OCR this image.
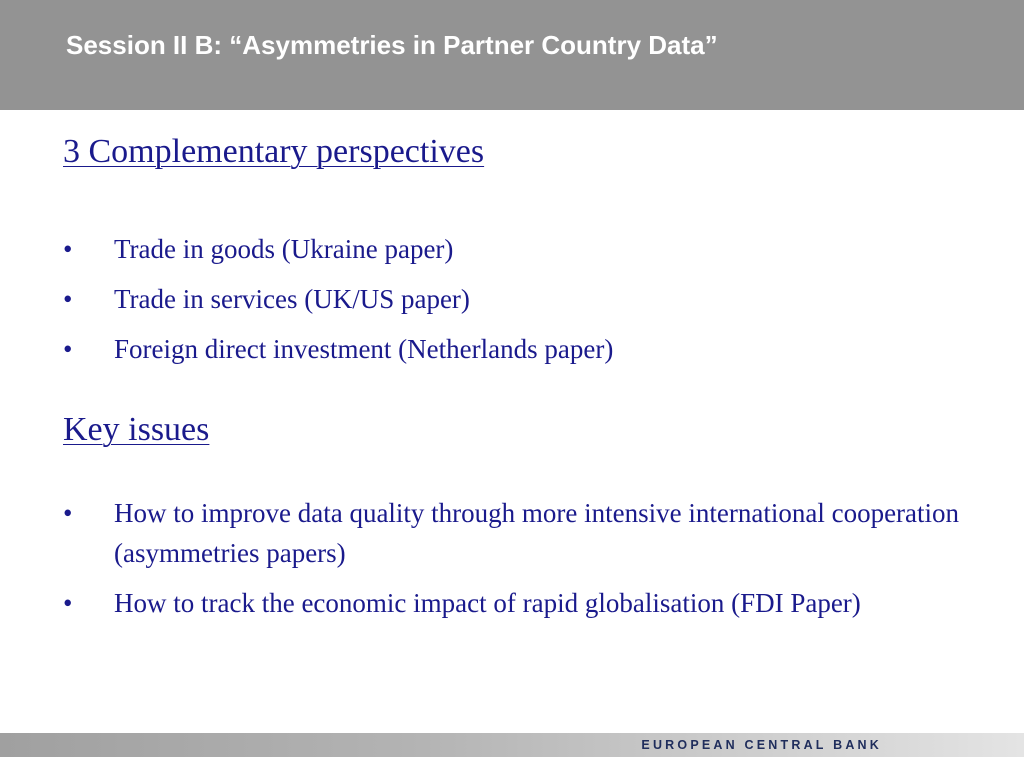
Session II B: “Asymmetries in Partner Country Data”
3 Complementary perspectives
• Trade in goods (Ukraine paper)
• Trade in services (UK/US paper)
• Foreign direct investment (Netherlands paper)
Key issues
• How to improve data quality through more intensive international cooperation (asymmetries papers)
• How to track the economic impact of rapid globalisation (FDI Paper)
EUROPEAN CENTRAL BANK
